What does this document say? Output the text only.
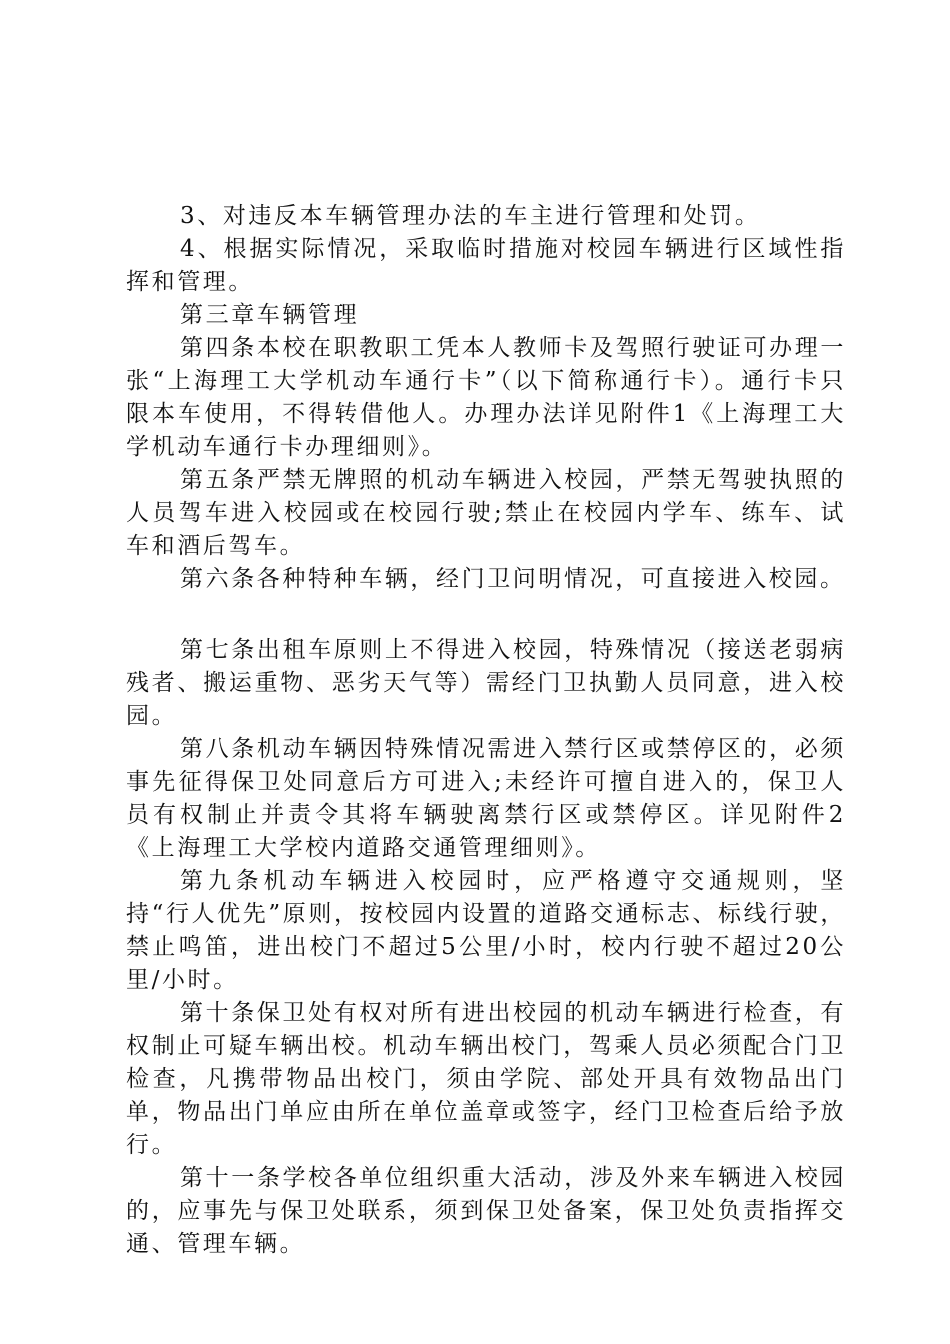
3、对违反本车辆管理办法的车主进行管理和处罚。

4、根据实际情况，采取临时措施对校园车辆进行区域性指挥和管理。

第三章车辆管理

第四条本校在职教职工凭本人教师卡及驾照行驶证可办理一张“上海理工大学机动车通行卡”（以下简称通行卡）。通行卡只限本车使用，不得转借他人。办理办法详见附件1《上海理工大学机动车通行卡办理细则》。

第五条严禁无牌照的机动车辆进入校园，严禁无驾驶执照的人员驾车进入校园或在校园行驶;禁止在校园内学车、练车、试车和酒后驾车。

第六条各种特种车辆，经门卫问明情况，可直接进入校园。

第七条出租车原则上不得进入校园，特殊情况（接送老弱病残者、搬运重物、恶劣天气等）需经门卫执勤人员同意，进入校园。

第八条机动车辆因特殊情况需进入禁行区或禁停区的，必须事先征得保卫处同意后方可进入;未经许可擅自进入的，保卫人员有权制止并责令其将车辆驶离禁行区或禁停区。详见附件2《上海理工大学校内道路交通管理细则》。

第九条机动车辆进入校园时，应严格遵守交通规则，坚持“行人优先”原则，按校园内设置的道路交通标志、标线行驶，禁止鸣笛，进出校门不超过5公里/小时，校内行驶不超过20公里/小时。

第十条保卫处有权对所有进出校园的机动车辆进行检查，有权制止可疑车辆出校。机动车辆出校门，驾乘人员必须配合门卫检查，凡携带物品出校门，须由学院、部处开具有效物品出门单，物品出门单应由所在单位盖章或签字，经门卫检查后给予放行。

第十一条学校各单位组织重大活动，涉及外来车辆进入校园的，应事先与保卫处联系，须到保卫处备案，保卫处负责指挥交通、管理车辆。
